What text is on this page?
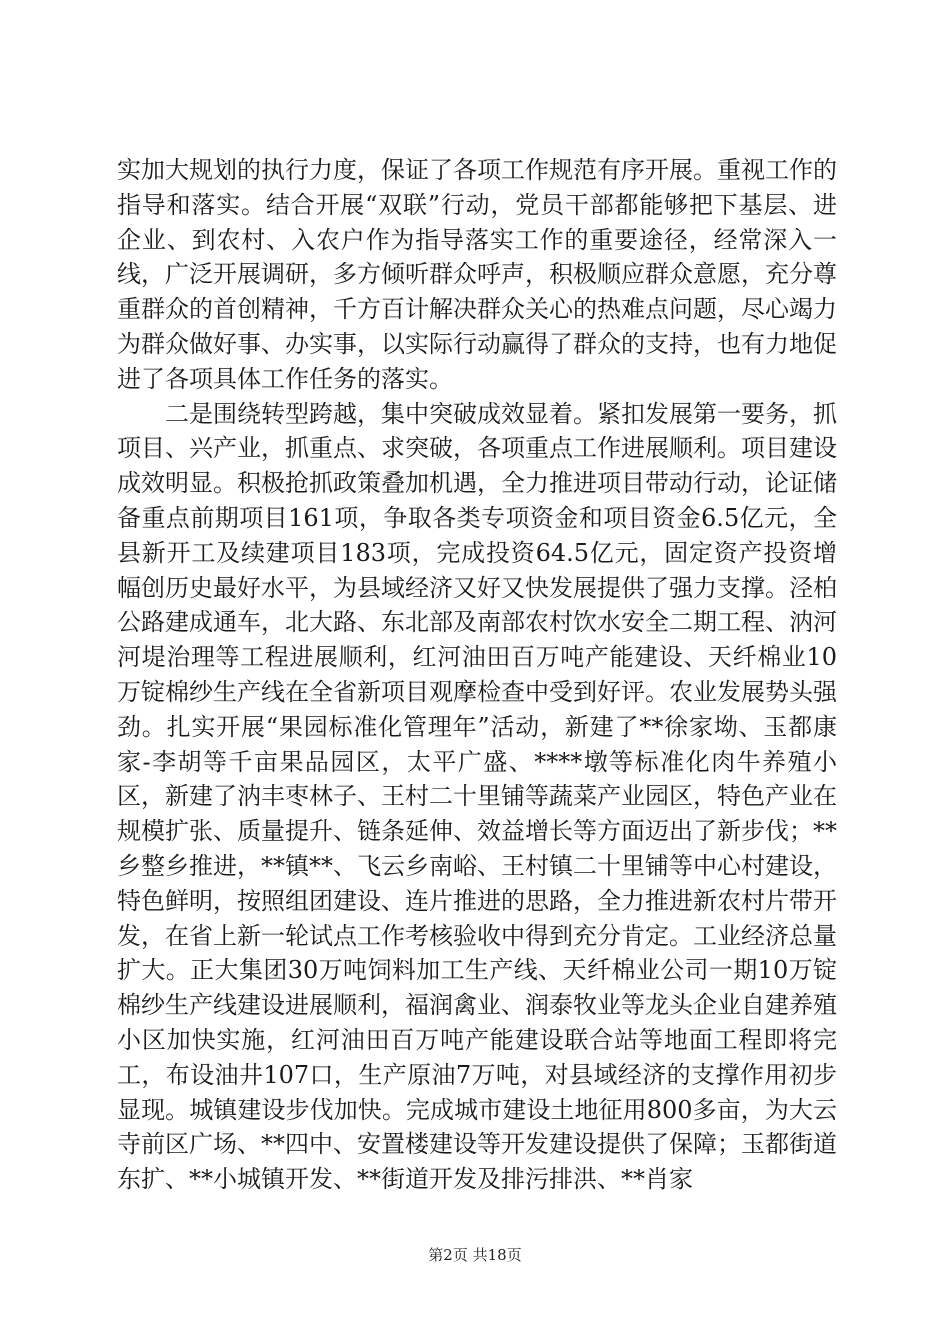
实加大规划的执行力度，保证了各项工作规范有序开展。重视工作的指导和落实。结合开展“双联”行动，党员干部都能够把下基层、进企业、到农村、入农户作为指导落实工作的重要途径，经常深入一线，广泛开展调研，多方倾听群众呼声，积极顺应群众意愿，充分尊重群众的首创精神，千方百计解决群众关心的热难点问题，尽心竭力为群众做好事、办实事，以实际行动赢得了群众的支持，也有力地促进了各项具体工作任务的落实。

二是围绕转型跨越，集中突破成效显着。紧扣发展第一要务，抓项目、兴产业，抓重点、求突破，各项重点工作进展顺利。项目建设成效明显。积极抢抓政策叠加机遇，全力推进项目带动行动，论证储备重点前期项目161项，争取各类专项资金和项目资金6.5亿元，全县新开工及续建项目183项，完成投资64.5亿元，固定资产投资增幅创历史最好水平，为县域经济又好又快发展提供了强力支撑。泾柏公路建成通车，北大路、东北部及南部农村饮水安全二期工程、汭河河堤治理等工程进展顺利，红河油田百万吨产能建设、天纤棉业10万锭棉纱生产线在全省新项目观摩检查中受到好评。农业发展势头强劲。扎实开展“果园标准化管理年”活动，新建了**徐家坳、玉都康家-李胡等千亩果品园区，太平广盛、****墩等标准化肉牛养殖小区，新建了汭丰枣林子、王村二十里铺等蔬菜产业园区，特色产业在规模扩张、质量提升、链条延伸、效益增长等方面迈出了新步伐；**乡整乡推进，**镇**、飞云乡南峪、王村镇二十里铺等中心村建设，特色鲜明，按照组团建设、连片推进的思路，全力推进新农村片带开发，在省上新一轮试点工作考核验收中得到充分肯定。工业经济总量扩大。正大集团30万吨饲料加工生产线、天纤棉业公司一期10万锭棉纱生产线建设进展顺利，福润禽业、润泰牧业等龙头企业自建养殖小区加快实施，红河油田百万吨产能建设联合站等地面工程即将完工，布设油井107口，生产原油7万吨，对县域经济的支撑作用初步显现。城镇建设步伐加快。完成城市建设土地征用800多亩，为大云寺前区广场、**四中、安置楼建设等开发建设提供了保障；玉都街道东扩、**小城镇开发、**街道开发及排污排洪、**肖家

第2页 共18页
